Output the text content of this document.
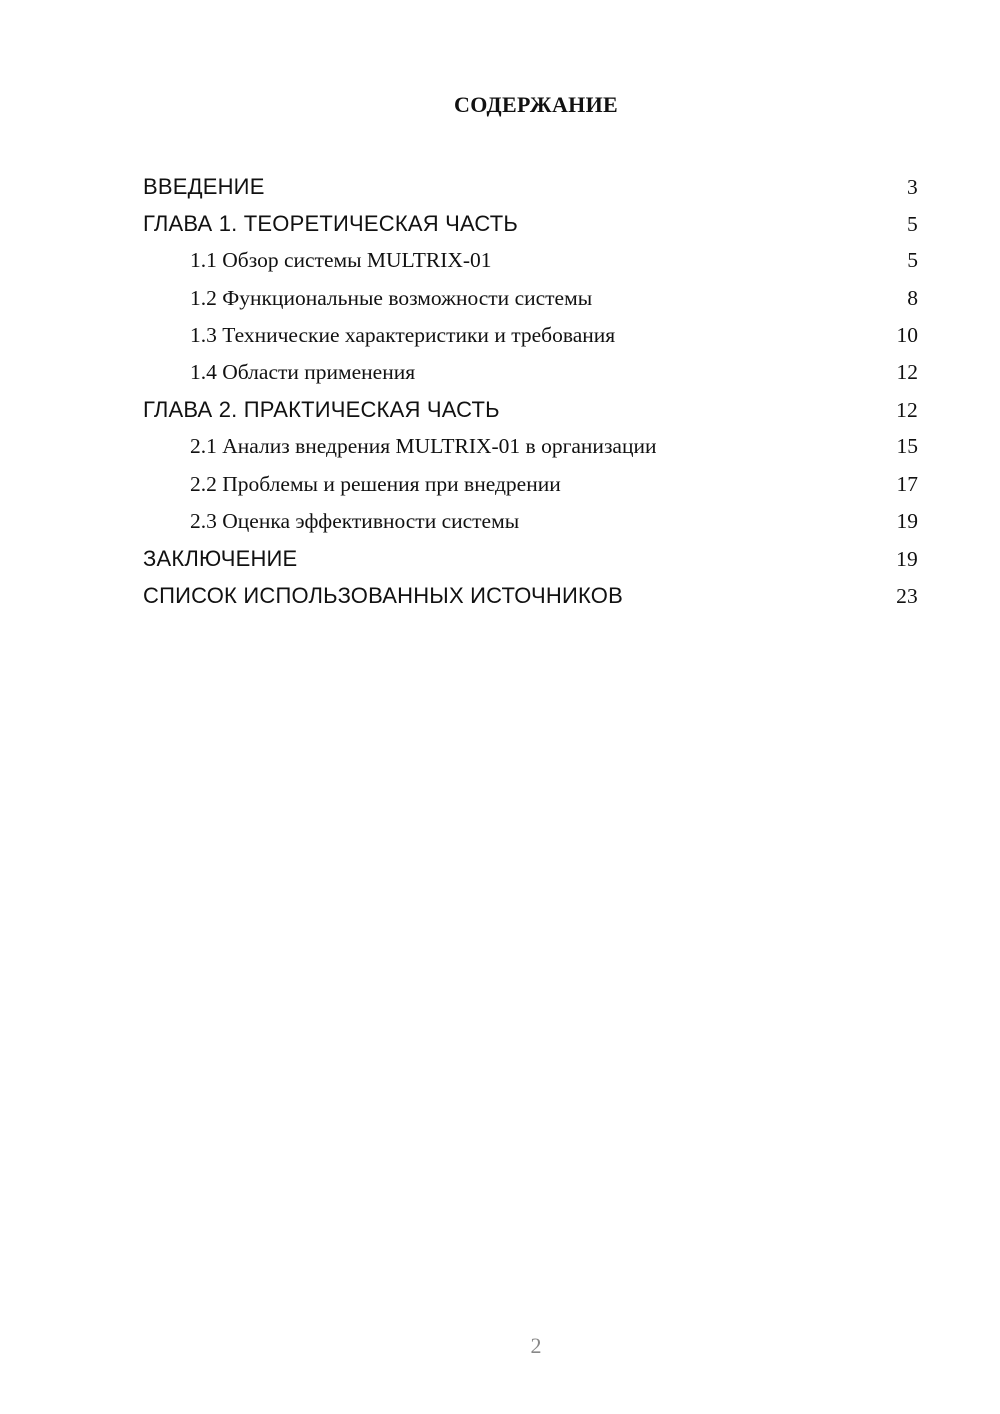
СОДЕРЖАНИЕ
ВВЕДЕНИЕ	3
ГЛАВА 1. ТЕОРЕТИЧЕСКАЯ ЧАСТЬ	5
1.1 Обзор системы MULTRIX-01	5
1.2 Функциональные возможности системы	8
1.3 Технические характеристики и требования	10
1.4 Области применения	12
ГЛАВА 2. ПРАКТИЧЕСКАЯ ЧАСТЬ	12
2.1 Анализ внедрения MULTRIX-01 в организации	15
2.2 Проблемы и решения при внедрении	17
2.3 Оценка эффективности системы	19
ЗАКЛЮЧЕНИЕ	19
СПИСОК ИСПОЛЬЗОВАННЫХ ИСТОЧНИКОВ	23
2
